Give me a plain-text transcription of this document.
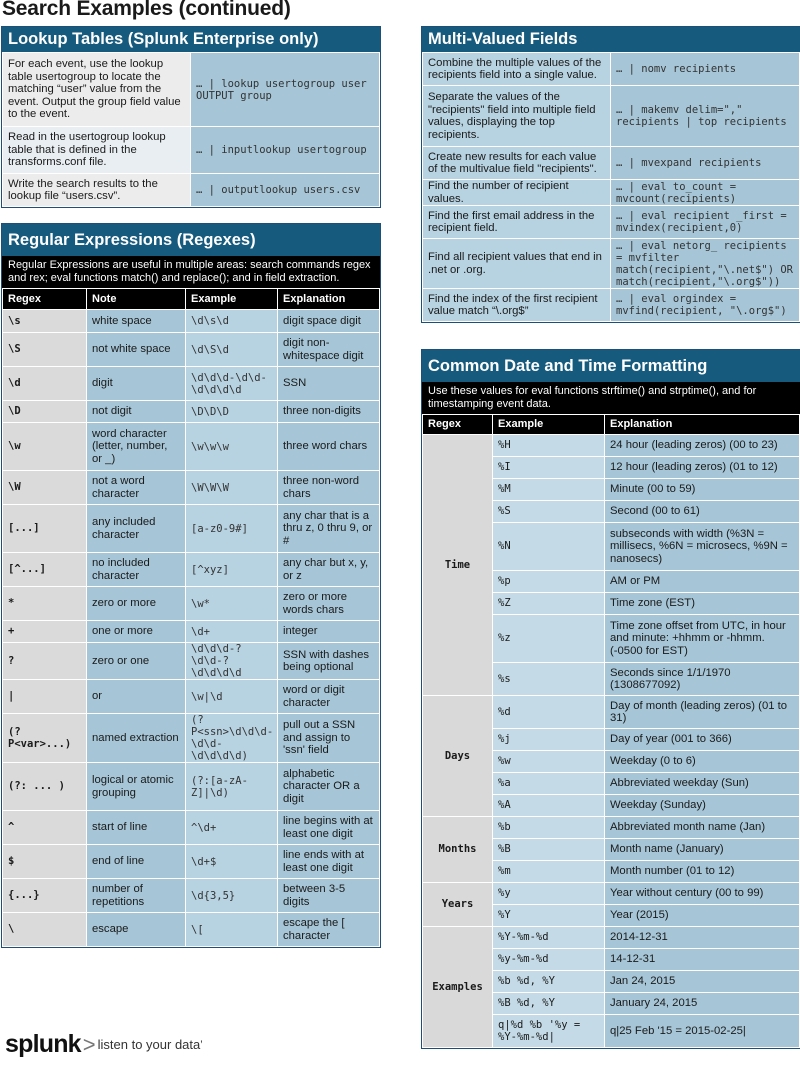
Search Examples (continued)
Lookup Tables (Splunk Enterprise only)
For each event, use the lookup table usertogroup to locate the matching “user” value from the event. Output the group field value to the event.	… | lookup usertogroup user OUTPUT group
Read in the usertogroup lookup table that is defined in the transforms.conf file.	… | inputlookup usertogroup
Write the search results to the lookup file “users.csv”.	… | outputlookup users.csv
Regular Expressions (Regexes)
Regular Expressions are useful in multiple areas: search commands regex and rex; eval functions match() and replace(); and in field extraction.
Regex	Note	Example	Explanation
\s	white space	\d\s\d	digit space digit
\S	not white space	\d\S\d	digit non-whitespace digit
\d	digit	\d\d\d-\d\d-\d\d\d\d	SSN
\D	not digit	\D\D\D	three non-digits
\w	word character (letter, number, or _)	\w\w\w	three word chars
\W	not a word character	\W\W\W	three non-word chars
[...]	any included character	[a-z0-9#]	any char that is a thru z, 0 thru 9, or #
[^...]	no included character	[^xyz]	any char but x, y, or z
*	zero or more	\w*	zero or more words chars
+	one or more	\d+	integer
?	zero or one	\d\d\d-?\d\d-?\d\d\d\d	SSN with dashes being optional
|	or	\w|\d	word or digit character
(?P<var>...)	named extraction	(?P<ssn>\d\d\d-\d\d-\d\d\d\d)	pull out a SSN and assign to 'ssn' field
(?: ... )	logical or atomic grouping	(?:[a-zA-Z]|\d)	alphabetic character OR a digit
^	start of line	^\d+	line begins with at least one digit
$	end of line	\d+$	line ends with at least one digit
{...}	number of repetitions	\d{3,5}	between 3-5 digits
\	escape	\[	escape the [ character
Multi-Valued Fields
Combine the multiple values of the recipients field into a single value.	… | nomv recipients
Separate the values of the "recipients" field into multiple field values, displaying the top recipients.	… | makemv delim="," recipients | top recipients
Create new results for each value of the multivalue field "recipients".	… | mvexpand recipients
Find the number of recipient values.	… | eval to_count = mvcount(recipients)
Find the first email address in the recipient field.	… | eval recipient _first = mvindex(recipient,0)
Find all recipient values that end in .net or .org.	… | eval netorg_ recipients = mvfilter match(recipient,"\.net$") OR match(recipient,"\.org$"))
Find the index of the first recipient value match “\.org$”	… | eval orgindex = mvfind(recipient, "\.org$")
Common Date and Time Formatting
Use these values for eval functions strftime() and strptime(), and for timestamping event data.
Regex	Example	Explanation
Time	%H	24 hour (leading zeros) (00 to 23)
	%I	12 hour (leading zeros) (01 to 12)
	%M	Minute (00 to 59)
	%S	Second (00 to 61)
	%N	subseconds with width (%3N = millisecs, %6N = microsecs, %9N = nanosecs)
	%p	AM or PM
	%Z	Time zone (EST)
	%z	Time zone offset from UTC, in hour and minute: +hhmm or -hhmm. (-0500 for EST)
	%s	Seconds since 1/1/1970 (1308677092)
Days	%d	Day of month (leading zeros) (01 to 31)
	%j	Day of year (001 to 366)
	%w	Weekday (0 to 6)
	%a	Abbreviated weekday (Sun)
	%A	Weekday (Sunday)
Months	%b	Abbreviated month name (Jan)
	%B	Month name (January)
	%m	Month number (01 to 12)
Years	%y	Year without century (00 to 99)
	%Y	Year (2015)
Examples	%Y-%m-%d	2014-12-31
	%y-%m-%d	14-12-31
	%b %d, %Y	Jan 24, 2015
	%B %d, %Y	January 24, 2015
	q|%d %b '%y = %Y-%m-%d|	q|25 Feb '15 = 2015-02-25|
splunk > listen to your data ’
